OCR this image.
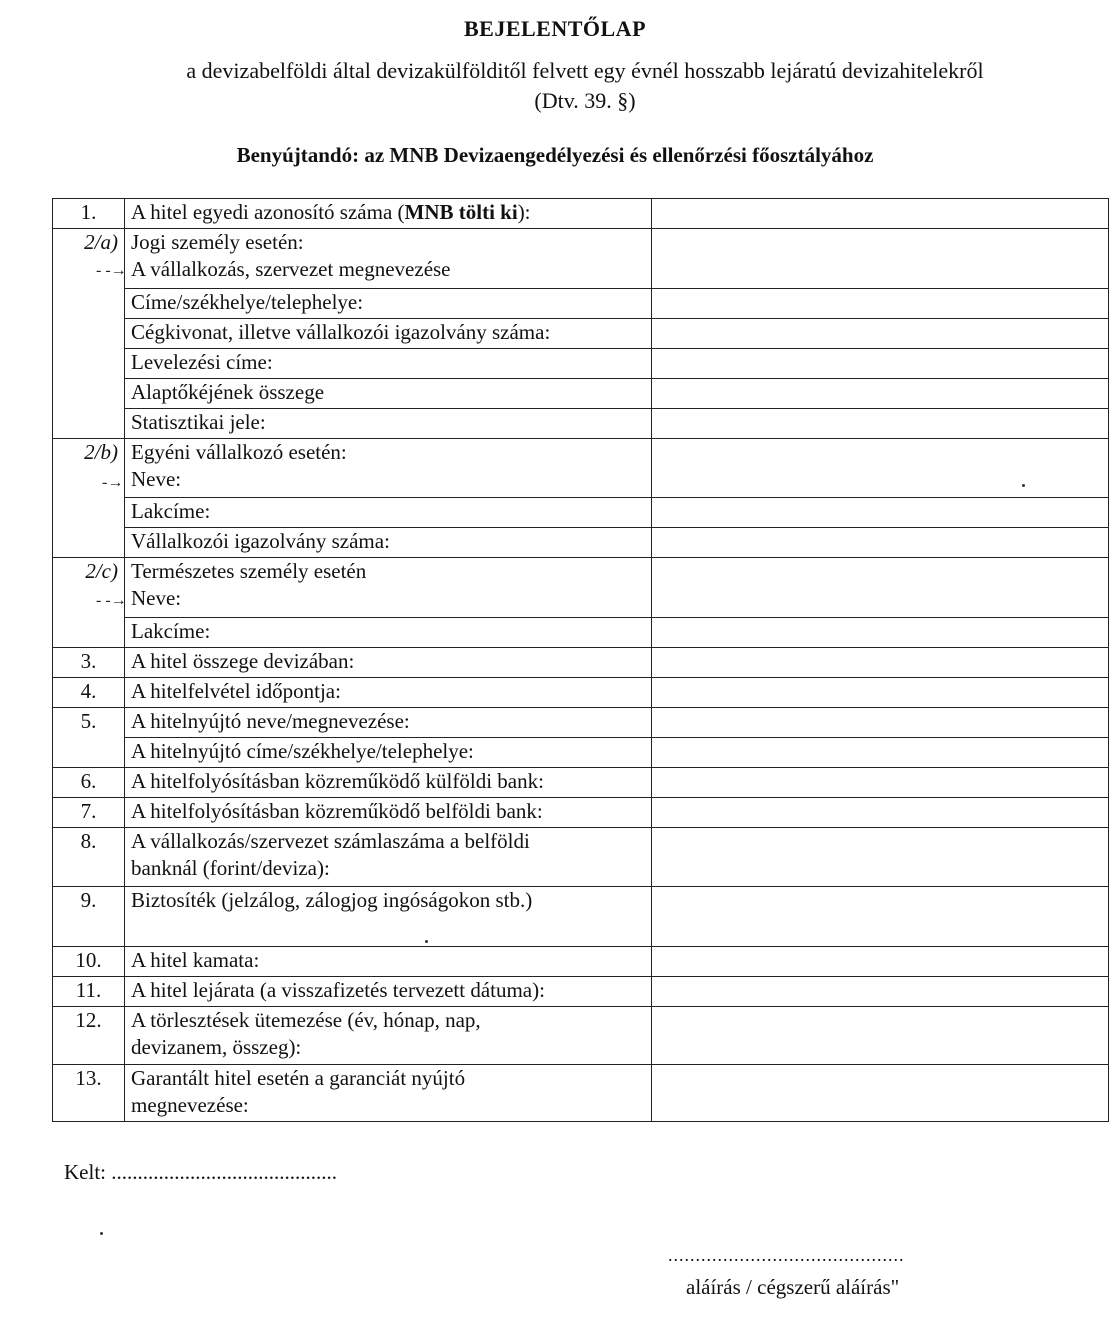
BEJELENTŐLAP
a devizabelföldi által devizakülfölditől felvett egy évnél hosszabb lejáratú devizahitelekről
(Dtv. 39. §)
Benyújtandó: az MNB Devizaengedélyezési és ellenőrzési főosztályához
1.	A hitel egyedi azonosító száma (MNB tölti ki):	
2/a)	Jogi személy esetén:
A vállalkozás, szervezet megnevezése	

	Címe/székhelye/telephelye:	
	Cégkivonat, illetve vállalkozói igazolvány száma:	
	Levelezési címe:	
	Alaptőkéjének összege	
	Statisztikai jele:	
2/b)	Egyéni vállalkozó esetén:
Neve:	

	Lakcíme:	
	Vállalkozói igazolvány száma:	
2/c)	Természetes személy esetén
Neve:	

	Lakcíme:	
3.	A hitel összege devizában:	
4.	A hitelfelvétel időpontja:	
5.	A hitelnyújtó neve/megnevezése:	
	A hitelnyújtó címe/székhelye/telephelye:	
6.	A hitelfolyósításban közreműködő külföldi bank:	
7.	A hitelfolyósításban közreműködő belföldi bank:	
8.	A vállalkozás/szervezet számlaszáma a belföldi
banknál (forint/deviza):	

9.	Biztosíték (jelzálog, zálogjog ingóságokon stb.)	
10.	A hitel kamata:	
11.	A hitel lejárata (a visszafizetés tervezett dátuma):	
12.	A törlesztések ütemezése (év, hónap, nap,
devizanem, összeg):	

13.	Garantált hitel esetén a garanciát nyújtó
megnevezése:	

- -→
-→
- -→
Kelt: ...........................................
...........................................
aláírás / cégszerű aláírás"
